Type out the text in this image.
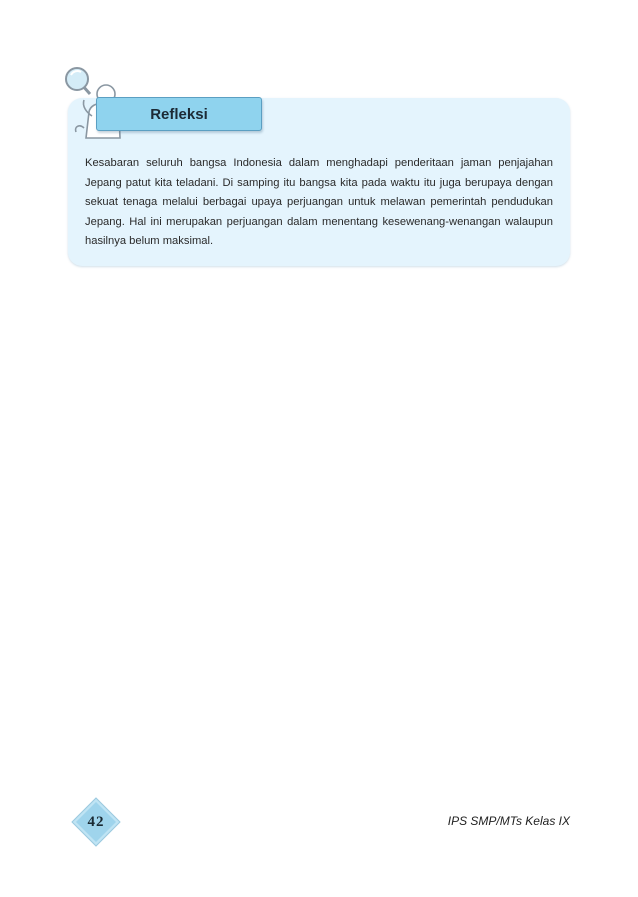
Refleksi

Kesabaran seluruh bangsa Indonesia dalam menghadapi penderitaan jaman penjajahan Jepang patut kita teladani. Di samping itu bangsa kita pada waktu itu juga berupaya dengan sekuat tenaga melalui berbagai upaya perjuangan untuk melawan pemerintah pendudukan Jepang. Hal ini merupakan perjuangan dalam menentang kesewenang-wenangan walaupun hasilnya belum maksimal.

42	IPS SMP/MTs Kelas IX
